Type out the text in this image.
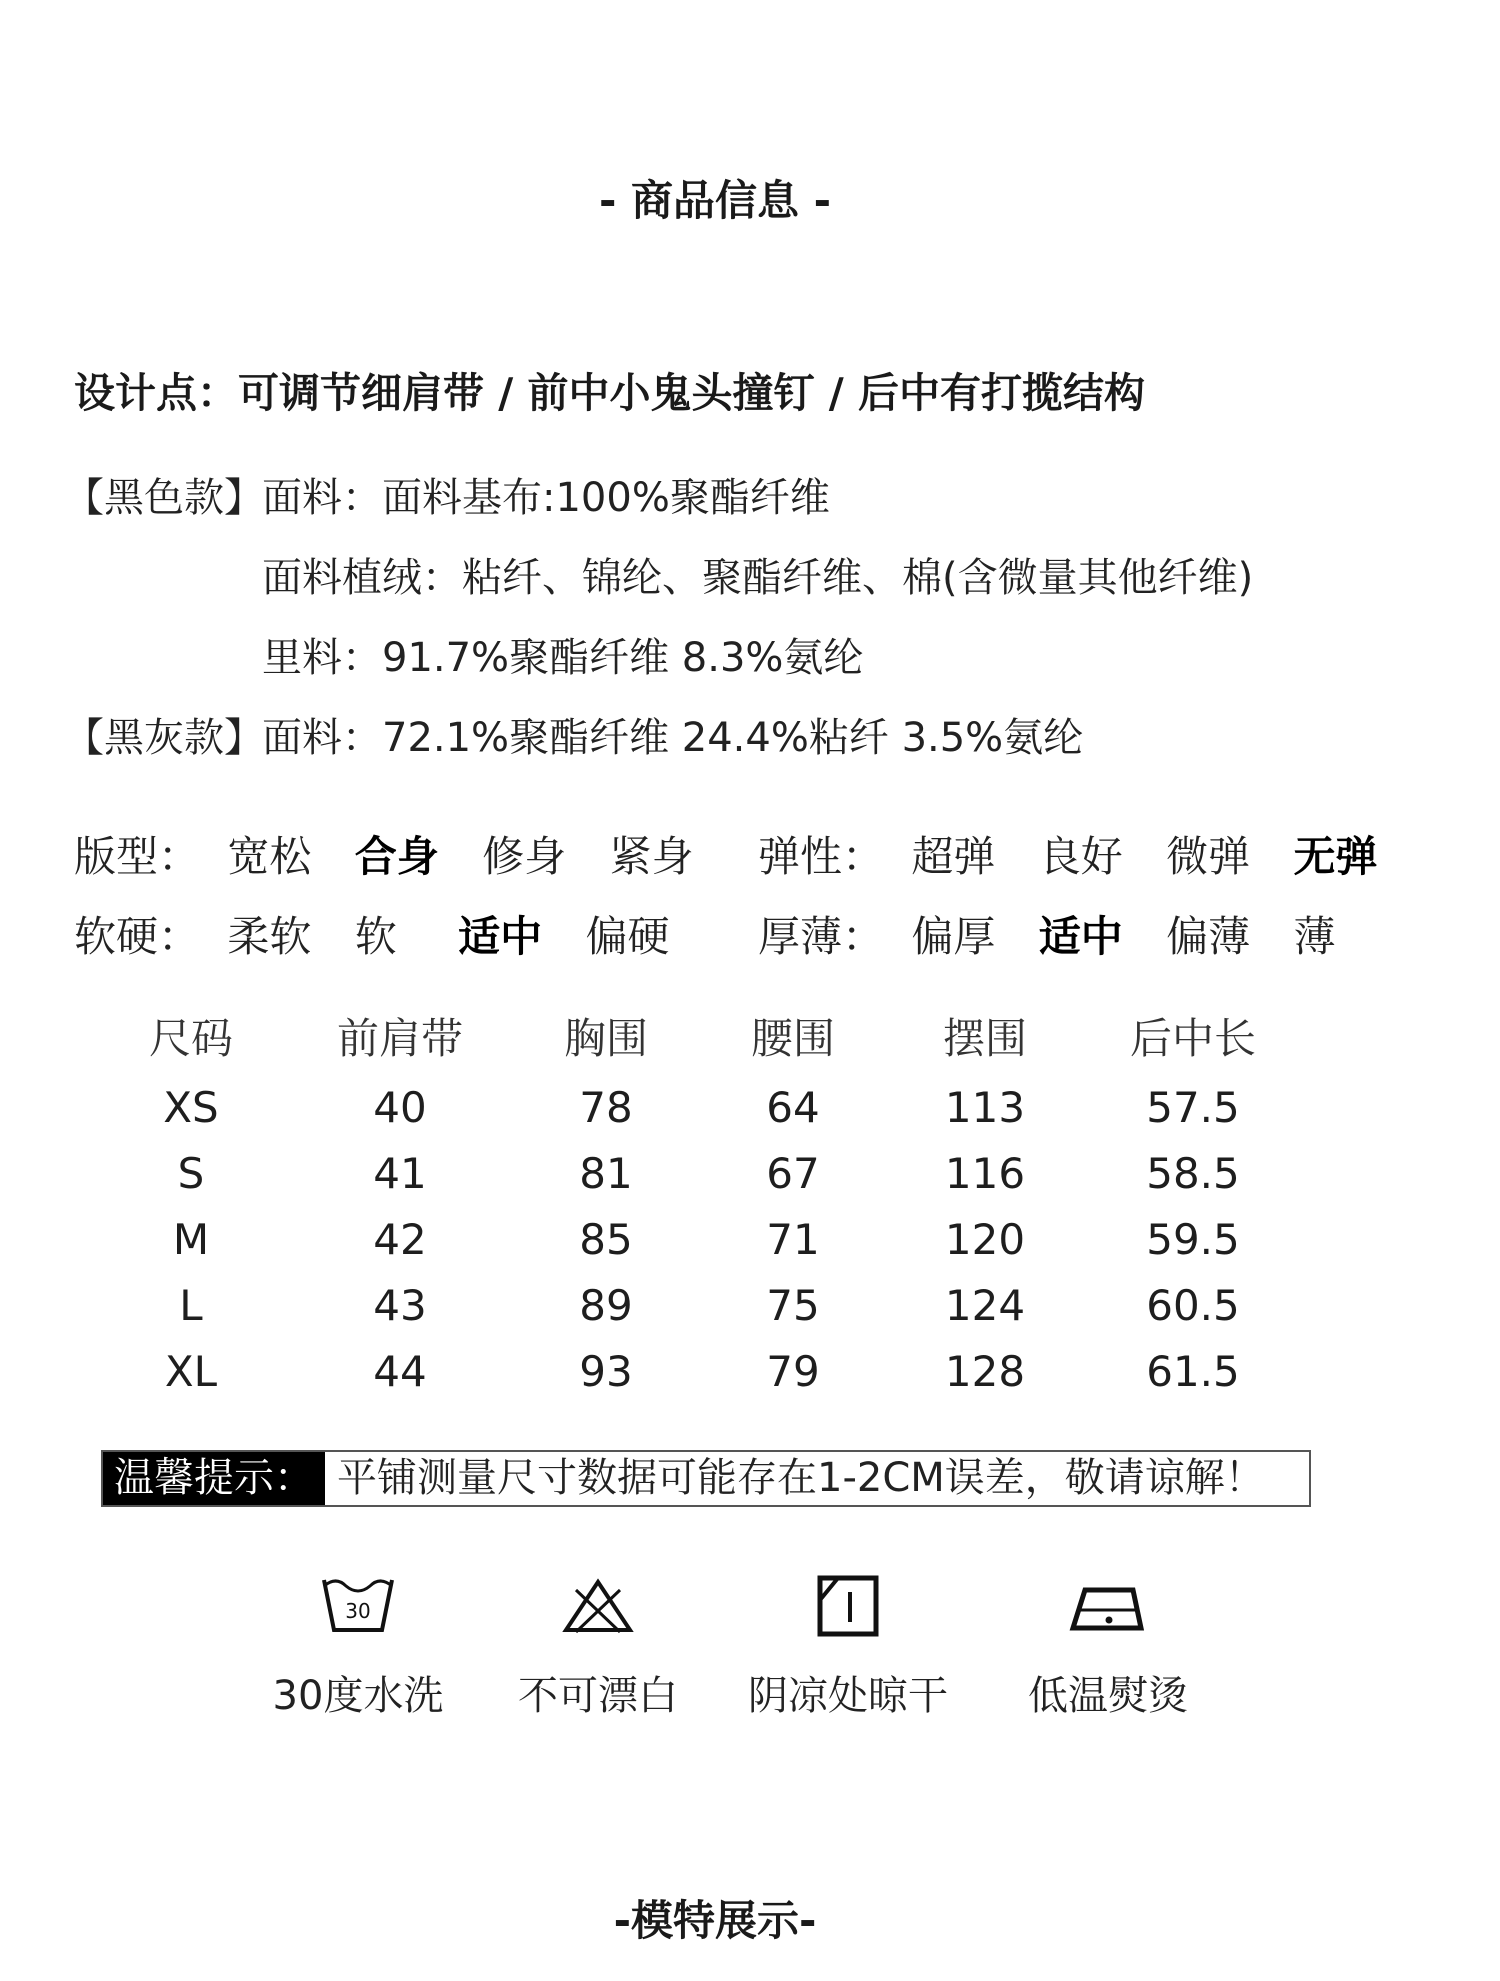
- 商品信息 -
设计点：可调节细肩带 / 前中小鬼头撞钉 / 后中有打揽结构
【黑色款】
面料：面料基布:100%聚酯纤维
面料植绒：粘纤、锦纶、聚酯纤维、棉(含微量其他纤维)
里料：91.7%聚酯纤维 8.3%氨纶
【黑灰款】
面料：72.1%聚酯纤维 24.4%粘纤 3.5%氨纶
版型： 宽松 合身 修身 紧身	弹性： 超弹 良好 微弹 无弹
软硬： 柔软 软 适中 偏硬	厚薄： 偏厚 适中 偏薄 薄
尺码	前肩带	胸围	腰围	摆围	后中长
XS	40	78	64	113	57.5
S	41	81	67	116	58.5
M	42	85	71	120	59.5
L	43	89	75	124	60.5
XL	44	93	79	128	61.5
温馨提示： 平铺测量尺寸数据可能存在1-2CM误差，敬请谅解！
30
30度水洗	不可漂白	阴凉处晾干	低温熨烫
-模特展示-
